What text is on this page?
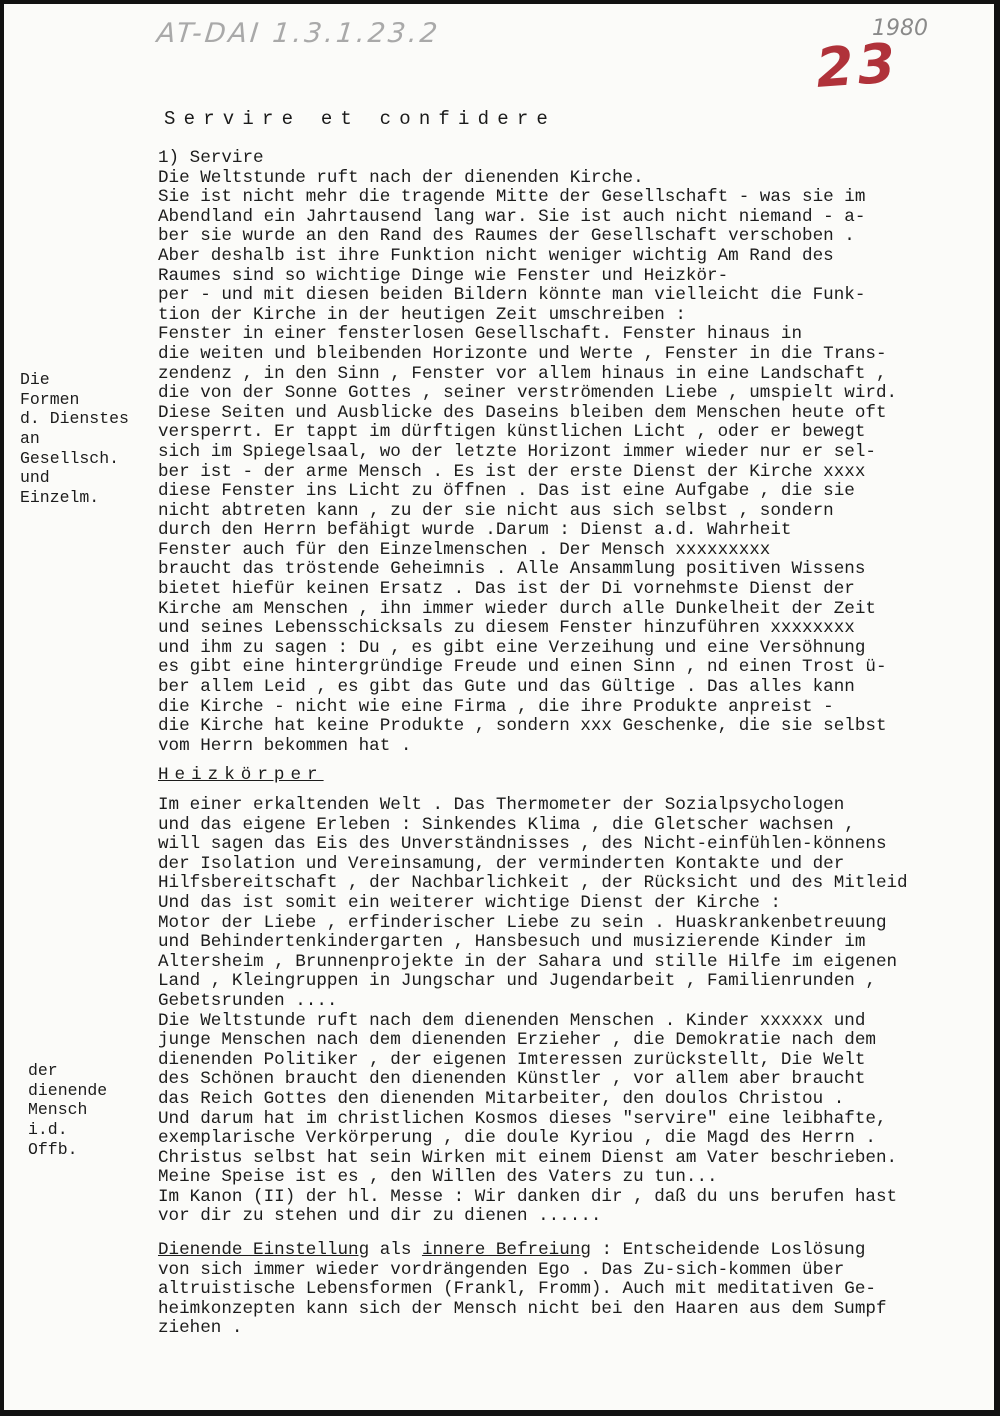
AT-DAI 1.3.1.23.2	1980
23
Servire et confidere

Die
Formen
d. Dienstes
an
Gesellsch.
und
Einzelm.

der
dienende
Mensch
i.d.
Offb.

1) Servire
Die Weltstunde ruft nach der dienenden Kirche.
Sie ist nicht mehr die tragende Mitte der Gesellschaft - was sie im
Abendland ein Jahrtausend lang war. Sie ist auch nicht niemand - a-
ber sie wurde an den Rand des Raumes der Gesellschaft verschoben .
Aber deshalb ist ihre Funktion nicht weniger wichtig Am Rand des
Raumes sind so wichtige Dinge wie Fenster und Heizkör-
per - und mit diesen beiden Bildern könnte man vielleicht die Funk-
tion der Kirche in der heutigen Zeit umschreiben :
Fenster in einer fensterlosen Gesellschaft. Fenster hinaus in
die weiten und bleibenden Horizonte und Werte , Fenster in die Trans-
zendenz , in den Sinn , Fenster vor allem hinaus in eine Landschaft ,
die von der Sonne Gottes , seiner verströmenden Liebe , umspielt wird.
Diese Seiten und Ausblicke des Daseins bleiben dem Menschen heute oft
versperrt. Er tappt im dürftigen künstlichen Licht , oder er bewegt
sich im Spiegelsaal, wo der letzte Horizont immer wieder nur er sel-
ber ist - der arme Mensch . Es ist der erste Dienst der Kirche xxxx
diese Fenster ins Licht zu öffnen . Das ist eine Aufgabe , die sie
nicht abtreten kann , zu der sie nicht aus sich selbst , sondern
durch den Herrn befähigt wurde .Darum : Dienst a.d. Wahrheit
Fenster auch für den Einzelmenschen . Der Mensch xxxxxxxxx
braucht das tröstende Geheimnis . Alle Ansammlung positiven Wissens
bietet hiefür keinen Ersatz . Das ist der Di vornehmste Dienst der
Kirche am Menschen , ihn immer wieder durch alle Dunkelheit der Zeit
und seines Lebensschicksals zu diesem Fenster hinzuführen xxxxxxxx
und ihm zu sagen : Du , es gibt eine Verzeihung und eine Versöhnung
es gibt eine hintergründige Freude und einen Sinn , nd einen Trost ü-
ber allem Leid , es gibt das Gute und das Gültige . Das alles kann
die Kirche - nicht wie eine Firma , die ihre Produkte anpreist -
die Kirche hat keine Produkte , sondern xxx Geschenke, die sie selbst
vom Herrn bekommen hat .
Heizkörper
Im einer erkaltenden Welt . Das Thermometer der Sozialpsychologen
und das eigene Erleben : Sinkendes Klima , die Gletscher wachsen ,
will sagen das Eis des Unverständnisses , des Nicht-einfühlen-könnens
der Isolation und Vereinsamung, der verminderten Kontakte und der
Hilfsbereitschaft , der Nachbarlichkeit , der Rücksicht und des Mitleid
Und das ist somit ein weiterer wichtige Dienst der Kirche :
Motor der Liebe , erfinderischer Liebe zu sein . Huaskrankenbetreuung
und Behindertenkindergarten , Hansbesuch und musizierende Kinder im
Altersheim , Brunnenprojekte in der Sahara und stille Hilfe im eigenen
Land , Kleingruppen in Jungschar und Jugendarbeit , Familienrunden ,
Gebetsrunden ....
Die Weltstunde ruft nach dem dienenden Menschen . Kinder xxxxxx und
junge Menschen nach dem dienenden Erzieher , die Demokratie nach dem
dienenden Politiker , der eigenen Imteressen zurückstellt, Die Welt
des Schönen braucht den dienenden Künstler , vor allem aber braucht
das Reich Gottes den dienenden Mitarbeiter, den doulos Christou .
Und darum hat im christlichen Kosmos dieses "servire" eine leibhafte,
exemplarische Verkörperung , die doule Kyriou , die Magd des Herrn .
Christus selbst hat sein Wirken mit einem Dienst am Vater beschrieben.
Meine Speise ist es , den Willen des Vaters zu tun...
Im Kanon (II) der hl. Messe : Wir danken dir , daß du uns berufen hast
vor dir zu stehen und dir zu dienen ......
Dienende Einstellung als innere Befreiung : Entscheidende Loslösung
von sich immer wieder vordrängenden Ego . Das Zu-sich-kommen über
altruistische Lebensformen (Frankl, Fromm). Auch mit meditativen Ge-
heimkonzepten kann sich der Mensch nicht bei den Haaren aus dem Sumpf
ziehen .
